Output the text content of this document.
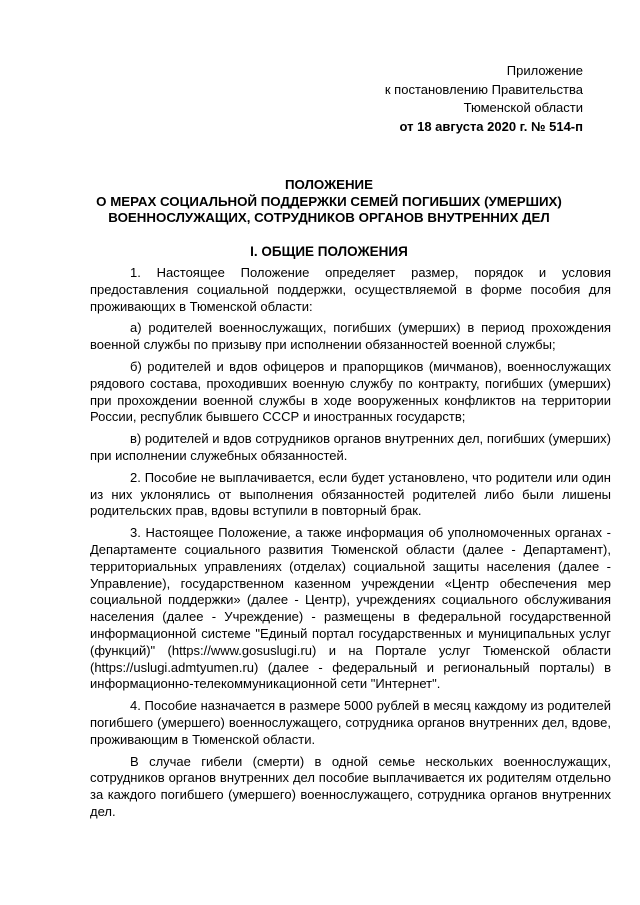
Приложение
к постановлению Правительства
Тюменской области
от 18 августа 2020 г. № 514-п
ПОЛОЖЕНИЕ
О МЕРАХ СОЦИАЛЬНОЙ ПОДДЕРЖКИ СЕМЕЙ ПОГИБШИХ (УМЕРШИХ)
ВОЕННОСЛУЖАЩИХ, СОТРУДНИКОВ ОРГАНОВ ВНУТРЕННИХ ДЕЛ
I. ОБЩИЕ ПОЛОЖЕНИЯ

1. Настоящее Положение определяет размер, порядок и условия предоставления социальной поддержки, осуществляемой в форме пособия для проживающих в Тюменской области:

а) родителей военнослужащих, погибших (умерших) в период прохождения военной службы по призыву при исполнении обязанностей военной службы;

б) родителей и вдов офицеров и прапорщиков (мичманов), военнослужащих рядового состава, проходивших военную службу по контракту, погибших (умерших) при прохождении военной службы в ходе вооруженных конфликтов на территории России, республик бывшего СССР и иностранных государств;

в) родителей и вдов сотрудников органов внутренних дел, погибших (умерших) при исполнении служебных обязанностей.

2. Пособие не выплачивается, если будет установлено, что родители или один из них уклонялись от выполнения обязанностей родителей либо были лишены родительских прав, вдовы вступили в повторный брак.

3. Настоящее Положение, а также информация об уполномоченных органах - Департаменте социального развития Тюменской области (далее - Департамент), территориальных управлениях (отделах) социальной защиты населения (далее - Управление), государственном казенном учреждении «Центр обеспечения мер социальной поддержки» (далее - Центр), учреждениях социального обслуживания населения (далее - Учреждение) - размещены в федеральной государственной информационной системе "Единый портал государственных и муниципальных услуг (функций)" (https://www.gosuslugi.ru) и на Портале услуг Тюменской области (https://uslugi.admtyumen.ru) (далее - федеральный и региональный порталы) в информационно-телекоммуникационной сети "Интернет".

4. Пособие назначается в размере 5000 рублей в месяц каждому из родителей погибшего (умершего) военнослужащего, сотрудника органов внутренних дел, вдове, проживающим в Тюменской области.

В случае гибели (смерти) в одной семье нескольких военнослужащих, сотрудников органов внутренних дел пособие выплачивается их родителям отдельно за каждого погибшего (умершего) военнослужащего, сотрудника органов внутренних дел.
